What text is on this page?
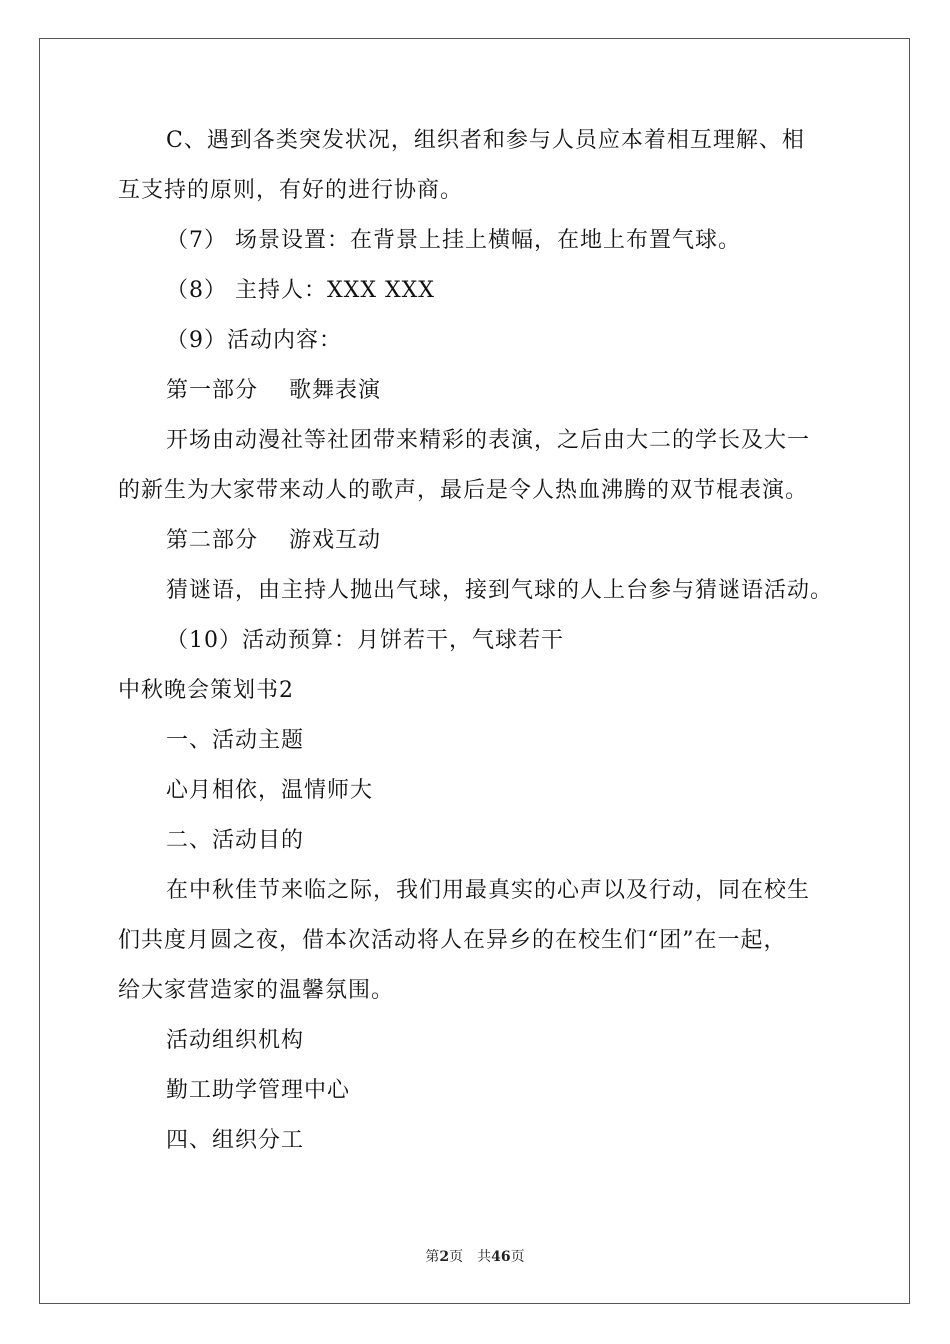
C、遇到各类突发状况，组织者和参与人员应本着相互理解、相
互支持的原则，有好的进行协商。
（7） 场景设置：在背景上挂上横幅，在地上布置气球。
（8） 主持人：XXX XXX
（9）活动内容：
第一部分　 歌舞表演
开场由动漫社等社团带来精彩的表演，之后由大二的学长及大一
的新生为大家带来动人的歌声，最后是令人热血沸腾的双节棍表演。
第二部分　 游戏互动
猜谜语，由主持人抛出气球，接到气球的人上台参与猜谜语活动。
（10）活动预算：月饼若干，气球若干
中秋晚会策划书2
一、活动主题
心月相依，温情师大
二、活动目的
在中秋佳节来临之际，我们用最真实的心声以及行动，同在校生
们共度月圆之夜，借本次活动将人在异乡的在校生们“团”在一起，
给大家营造家的温馨氛围。
活动组织机构
勤工助学管理中心
四、组织分工
第2页　共46页
